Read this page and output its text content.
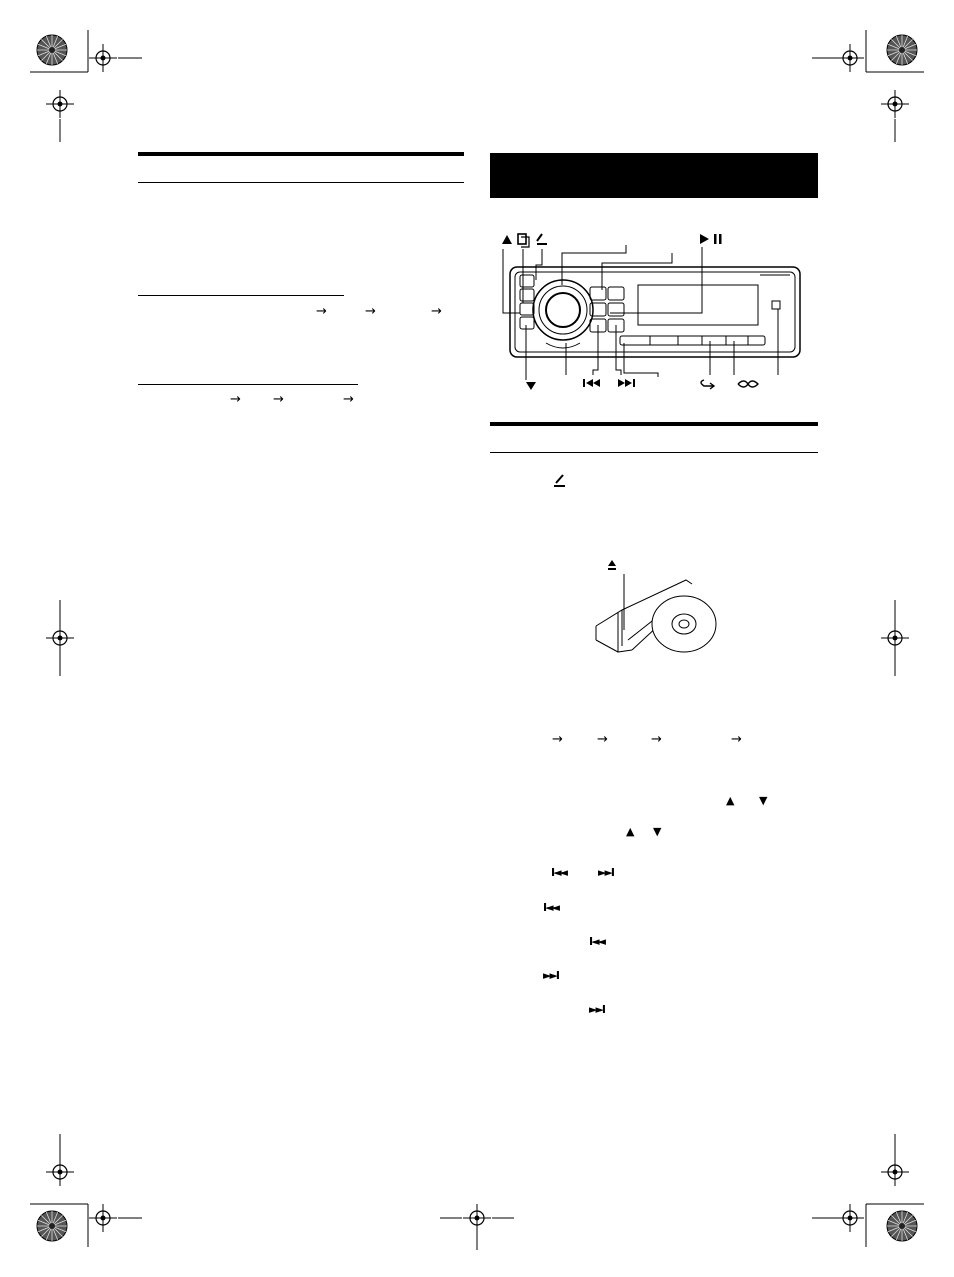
→	→	→
→ →	→
→	→	→	→
▲ ▼
▲ ▼
I◄◄	►►I
I◄◄
I◄◄
►►I
►►I
